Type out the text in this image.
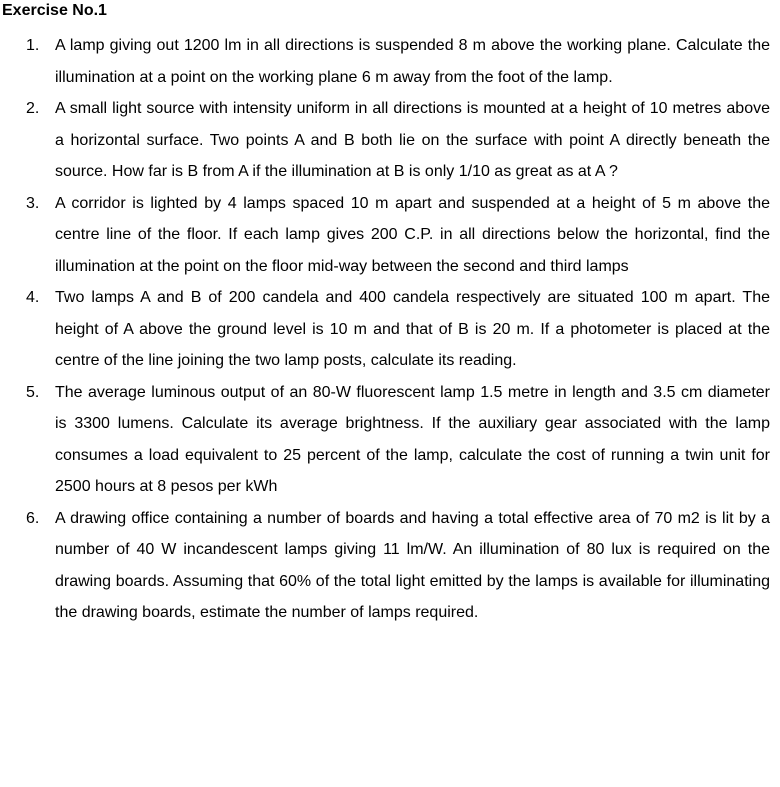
Exercise No.1
1. A lamp giving out 1200 lm in all directions is suspended 8 m above the working plane. Calculate the illumination at a point on the working plane 6 m away from the foot of the lamp.
2. A small light source with intensity uniform in all directions is mounted at a height of 10 metres above a horizontal surface. Two points A and B both lie on the surface with point A directly beneath the source. How far is B from A if the illumination at B is only 1/10 as great as at A ?
3. A corridor is lighted by 4 lamps spaced 10 m apart and suspended at a height of 5 m above the centre line of the floor. If each lamp gives 200 C.P. in all directions below the horizontal, find the illumination at the point on the floor mid-way between the second and third lamps
4. Two lamps A and B of 200 candela and 400 candela respectively are situated 100 m apart. The height of A above the ground level is 10 m and that of B is 20 m. If a photometer is placed at the centre of the line joining the two lamp posts, calculate its reading.
5. The average luminous output of an 80-W fluorescent lamp 1.5 metre in length and 3.5 cm diameter is 3300 lumens. Calculate its average brightness. If the auxiliary gear associated with the lamp consumes a load equivalent to 25 percent of the lamp, calculate the cost of running a twin unit for 2500 hours at 8 pesos per kWh
6. A drawing office containing a number of boards and having a total effective area of 70 m2 is lit by a number of 40 W incandescent lamps giving 11 lm/W. An illumination of 80 lux is required on the drawing boards. Assuming that 60% of the total light emitted by the lamps is available for illuminating the drawing boards, estimate the number of lamps required.
